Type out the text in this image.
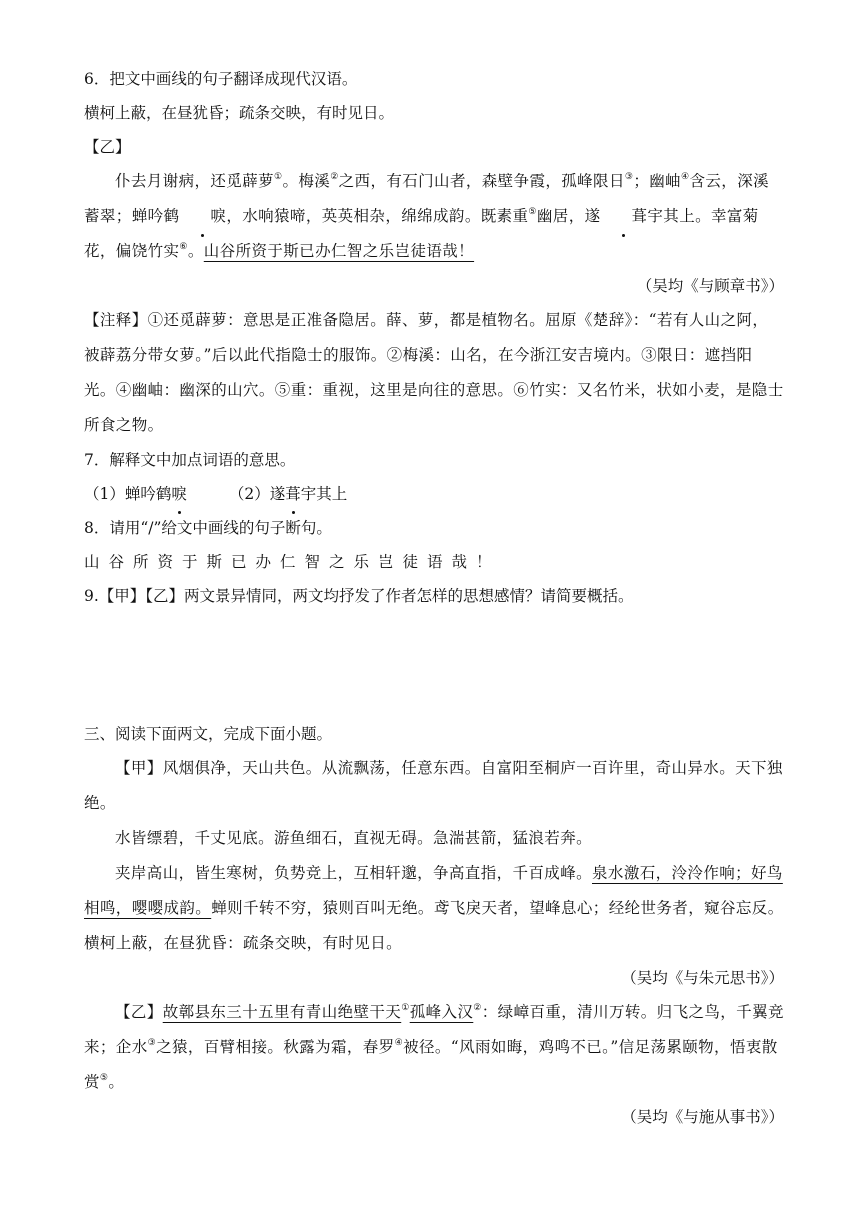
6．把文中画线的句子翻译成现代汉语。
横柯上蔽，在昼犹昏；疏条交映，有时见日。
【乙】
仆去月谢病，还觅薜萝①。梅溪②之西，有石门山者，森壁争霞，孤峰限日③；幽岫④含云，深溪蓄翠；蝉吟鹤 唳，水响猿啼，英英相杂，绵绵成韵。既素重⑤幽居，遂 葺宇其上。幸富菊花，偏饶竹实⑥。山谷所资于斯已办仁智之乐岂徒语哉！
（吴均《与顾章书》）
【注释】①还觅薜萝：意思是正准备隐居。薛、萝，都是植物名。屈原《楚辞》：“若有人山之阿，被薜荔分带女萝。”后以此代指隐士的服饰。②梅溪：山名，在今浙江安吉境内。③限日：遮挡阳光。④幽岫：幽深的山穴。⑤重：重视，这里是向往的意思。⑥竹实：又名竹米，状如小麦，是隐士所食之物。
7．解释文中加点词语的意思。
（1）蝉吟鹤唳	（2）遂葺宇其上
8．请用“/”给文中画线的句子断句。
山谷所资于斯已办仁智之乐岂徒语哉！
9.【甲】【乙】两文景异情同，两文均抒发了作者怎样的思想感情？请简要概括。
三、阅读下面两文，完成下面小题。
【甲】风烟俱净，天山共色。从流飘荡，任意东西。自富阳至桐庐一百许里，奇山异水。天下独绝。
水皆缥碧，千丈见底。游鱼细石，直视无碍。急湍甚箭，猛浪若奔。
夹岸高山，皆生寒树，负势竞上，互相轩邈，争高直指，千百成峰。泉水激石，泠泠作响；好鸟相鸣，嘤嘤成韵。蝉则千转不穷，猿则百叫无绝。鸢飞戾天者，望峰息心；经纶世务者，窥谷忘反。横柯上蔽，在昼犹昏：疏条交映，有时见日。
（吴均《与朱元思书》）
【乙】故鄣县东三十五里有青山绝壁干天①孤峰入汉②：绿嶂百重，清川万转。归飞之鸟，千翼竞来；企水③之猿，百臂相接。秋露为霜，春罗④被径。“风雨如晦，鸡鸣不已。”信足荡累颐物，悟衷散赏⑤。
（吴均《与施从事书》）
